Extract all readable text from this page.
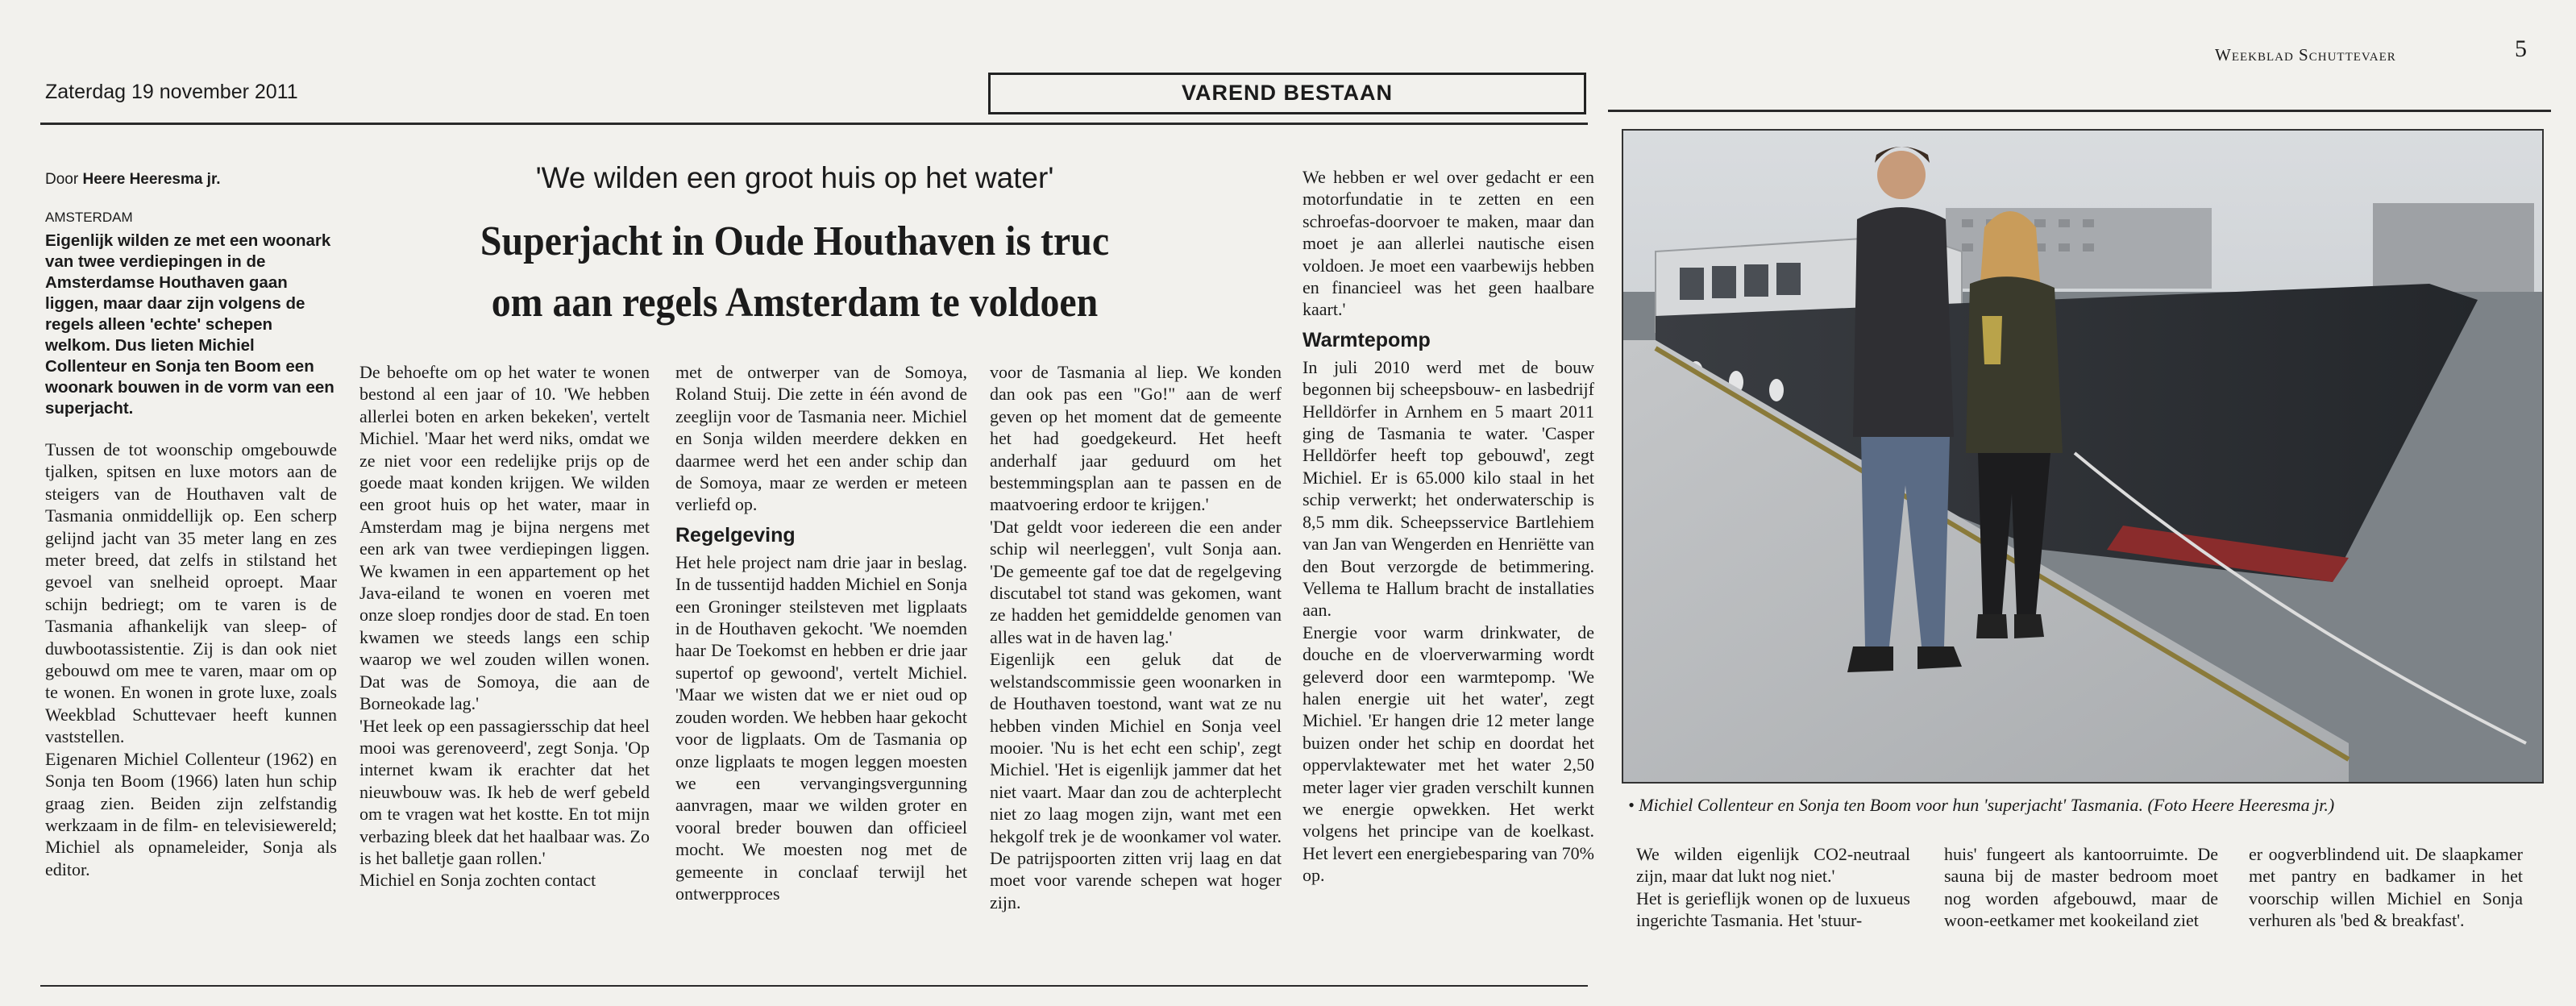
Zaterdag 19 november 2011	VAREND BESTAAN
Weekblad Schuttevaer	5
Door Heere Heeresma jr.
AMSTERDAM
Eigenlijk wilden ze met een woonark van twee verdiepingen in de Amsterdamse Houthaven gaan liggen, maar daar zijn volgens de regels alleen 'echte' schepen welkom. Dus lieten Michiel Collenteur en Sonja ten Boom een woonark bouwen in de vorm van een superjacht.
'We wilden een groot huis op het water'
Superjacht in Oude Houthaven is truc
om aan regels Amsterdam te voldoen

Tussen de tot woonschip omgebouwde tjalken, spitsen en luxe motors aan de steigers van de Houthaven valt de Tasmania onmiddellijk op. Een scherp gelijnd jacht van 35 meter lang en zes meter breed, dat zelfs in stilstand het gevoel van snelheid oproept. Maar schijn bedriegt; om te varen is de Tasmania afhankelijk van sleep- of duwbootassistentie. Zij is dan ook niet gebouwd om mee te varen, maar om op te wonen. En wonen in grote luxe, zoals Weekblad Schuttevaer heeft kunnen vaststellen.

Eigenaren Michiel Collenteur (1962) en Sonja ten Boom (1966) laten hun schip graag zien. Beiden zijn zelfstandig werkzaam in de film- en televisiewereld; Michiel als opnameleider, Sonja als editor.

De behoefte om op het water te wonen bestond al een jaar of 10. 'We hebben allerlei boten en arken bekeken', vertelt Michiel. 'Maar het werd niks, omdat we ze niet voor een redelijke prijs op de goede maat konden krijgen. We wilden een groot huis op het water, maar in Amsterdam mag je bijna nergens met een ark van twee verdiepingen liggen. We kwamen in een appartement op het Java-eiland te wonen en voeren met onze sloep rondjes door de stad. En toen kwamen we steeds langs een schip waarop we wel zouden willen wonen. Dat was de Somoya, die aan de Borneokade lag.'

'Het leek op een passagiersschip dat heel mooi was gerenoveerd', zegt Sonja. 'Op internet kwam ik erachter dat het nieuwbouw was. Ik heb de werf gebeld om te vragen wat het kostte. En tot mijn verbazing bleek dat het haalbaar was. Zo is het balletje gaan rollen.'

Michiel en Sonja zochten contact

met de ontwerper van de Somoya, Roland Stuij. Die zette in één avond de zeeglijn voor de Tasmania neer. Michiel en Sonja wilden meerdere dekken en daarmee werd het een ander schip dan de Somoya, maar ze werden er meteen verliefd op.

Regelgeving

Het hele project nam drie jaar in beslag. In de tussentijd hadden Michiel en Sonja een Groninger steilsteven met ligplaats in de Houthaven gekocht. 'We noemden haar De Toekomst en hebben er drie jaar supertof op gewoond', vertelt Michiel. 'Maar we wisten dat we er niet oud op zouden worden. We hebben haar gekocht voor de ligplaats. Om de Tasmania op onze ligplaats te mogen leggen moesten we een vervangingsvergunning aanvragen, maar we wilden groter en vooral breder bouwen dan officieel mocht. We moesten nog met de gemeente in conclaaf terwijl het ontwerpproces

voor de Tasmania al liep. We konden dan ook pas een "Go!" aan de werf geven op het moment dat de gemeente het had goedgekeurd. Het heeft anderhalf jaar geduurd om het bestemmingsplan aan te passen en de maatvoering erdoor te krijgen.'

'Dat geldt voor iedereen die een ander schip wil neerleggen', vult Sonja aan. 'De gemeente gaf toe dat de regelgeving discutabel tot stand was gekomen, want ze hadden het gemiddelde genomen van alles wat in de haven lag.'

Eigenlijk een geluk dat de welstandscommissie geen woonarken in de Houthaven toestond, want wat ze nu hebben vinden Michiel en Sonja veel mooier. 'Nu is het echt een schip', zegt Michiel. 'Het is eigenlijk jammer dat het niet vaart. Maar dan zou de achterplecht niet zo laag mogen zijn, want met een hekgolf trek je de woonkamer vol water. De patrijspoorten zitten vrij laag en dat moet voor varende schepen wat hoger zijn.

We hebben er wel over gedacht er een motorfundatie in te zetten en een schroefas-doorvoer te maken, maar dan moet je aan allerlei nautische eisen voldoen. Je moet een vaarbewijs hebben en financieel was het geen haalbare kaart.'

Warmtepomp

In juli 2010 werd met de bouw begonnen bij scheepsbouw- en lasbedrijf Helldörfer in Arnhem en 5 maart 2011 ging de Tasmania te water. 'Casper Helldörfer heeft top gebouwd', zegt Michiel. Er is 65.000 kilo staal in het schip verwerkt; het onderwaterschip is 8,5 mm dik. Scheepsservice Bartlehiem van Jan van Wengerden en Henriëtte van den Bout verzorgde de betimmering. Vellema te Hallum bracht de installaties aan.

Energie voor warm drinkwater, de douche en de vloerverwarming wordt geleverd door een warmtepomp. 'We halen energie uit het water', zegt Michiel. 'Er hangen drie 12 meter lange buizen onder het schip en doordat het oppervlaktewater met het water 2,50 meter lager vier graden verschilt kunnen we energie opwekken. Het werkt volgens het principe van de koelkast. Het levert een energiebesparing van 70% op.

• Michiel Collenteur en Sonja ten Boom voor hun 'superjacht' Tasmania. (Foto Heere Heeresma jr.)

We wilden eigenlijk CO2-neutraal zijn, maar dat lukt nog niet.'

Het is gerieflijk wonen op de luxueus ingerichte Tasmania. Het 'stuur-

huis' fungeert als kantoorruimte. De sauna bij de master bedroom moet nog worden afgebouwd, maar de woon-eetkamer met kookeiland ziet

er oogverblindend uit. De slaapkamer met pantry en badkamer in het voorschip willen Michiel en Sonja verhuren als 'bed & breakfast'.
